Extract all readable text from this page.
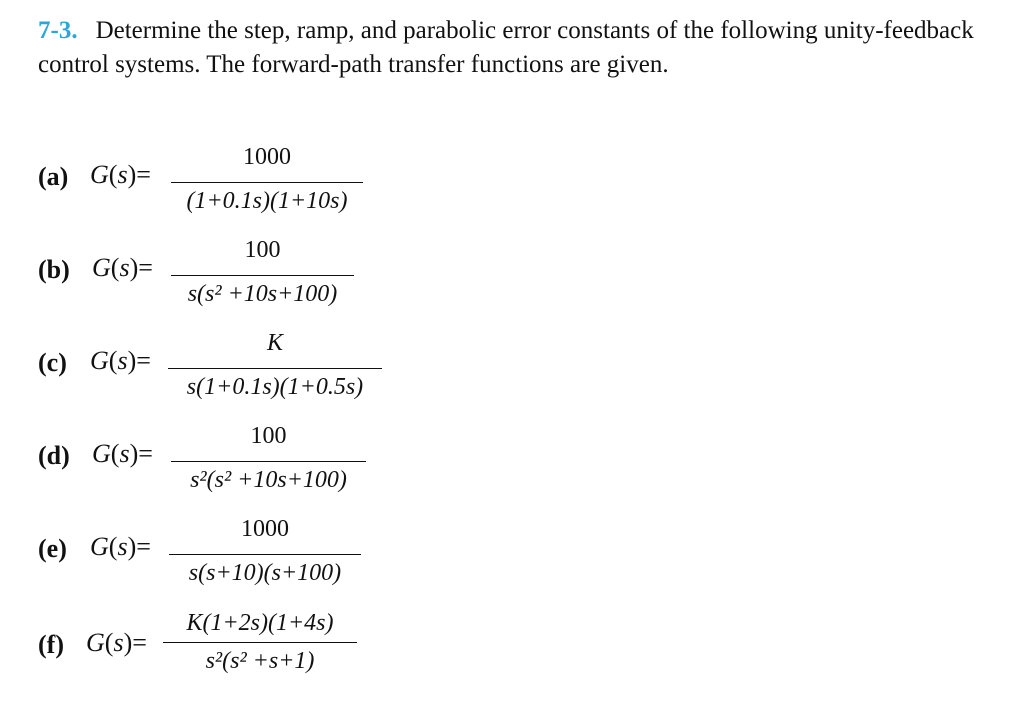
7-3. Determine the step, ramp, and parabolic error constants of the following unity-feedback control systems. The forward-path transfer functions are given.
(a) G(s)=
1000
(1+0.1s)(1+10s)
(b) G(s)=
100
s(s² +10s+100)
(c) G(s)=
K
s(1+0.1s)(1+0.5s)
(d) G(s)=
100
s²(s² +10s+100)
(e) G(s)=
1000
s(s+10)(s+100)
(f) G(s)=
K(1+2s)(1+4s)
s²(s² +s+1)
